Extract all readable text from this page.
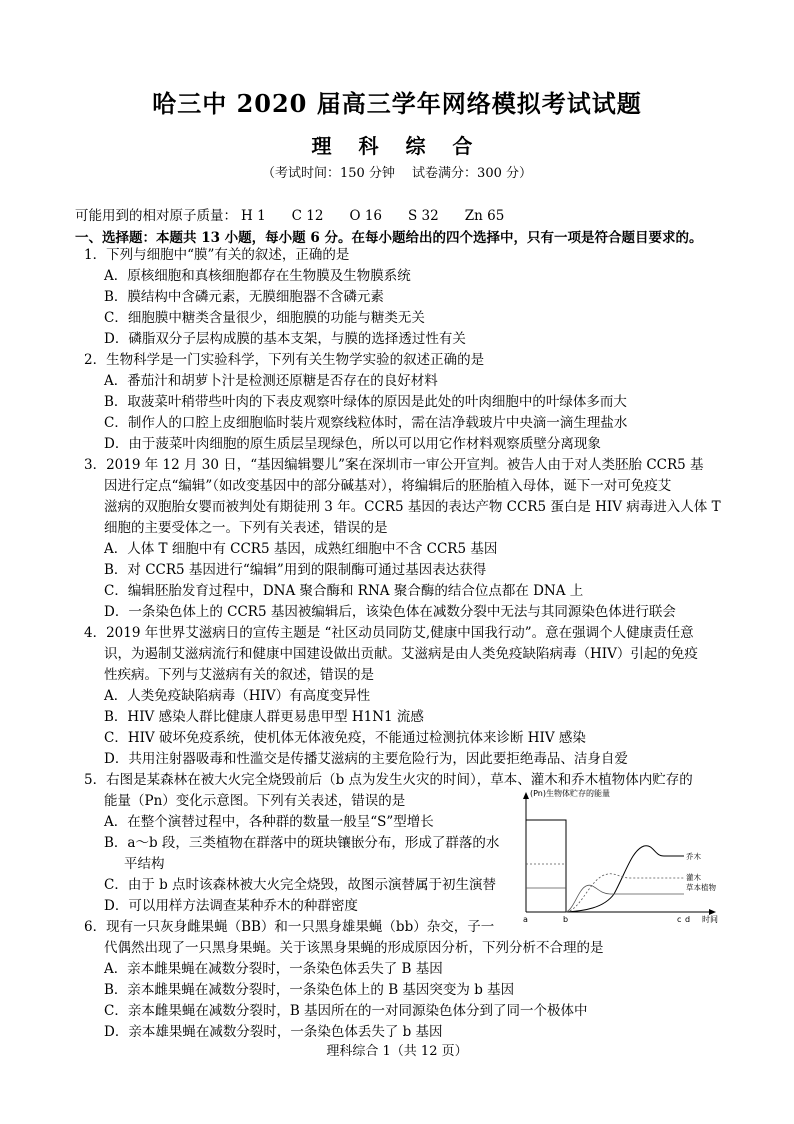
哈三中 2020 届高三学年网络模拟考试试题
理 科 综 合
（考试时间：150 分钟　 试卷满分：300 分）
可能用到的相对原子质量： H 1 C 12 O 16 S 32 Zn 65
一、选择题：本题共 13 小题，每小题 6 分。在每小题给出的四个选择中，只有一项是符合题目要求的。
1．下列与细胞中“膜”有关的叙述，正确的是
A．原核细胞和真核细胞都存在生物膜及生物膜系统
B．膜结构中含磷元素，无膜细胞器不含磷元素
C．细胞膜中糖类含量很少，细胞膜的功能与糖类无关
D．磷脂双分子层构成膜的基本支架，与膜的选择透过性有关
2．生物科学是一门实验科学，下列有关生物学实验的叙述正确的是
A．番茄汁和胡萝卜汁是检测还原糖是否存在的良好材料
B．取菠菜叶稍带些叶肉的下表皮观察叶绿体的原因是此处的叶肉细胞中的叶绿体多而大
C．制作人的口腔上皮细胞临时装片观察线粒体时，需在洁净载玻片中央滴一滴生理盐水
D．由于菠菜叶肉细胞的原生质层呈现绿色，所以可以用它作材料观察质壁分离现象
3．2019 年 12 月 30 日，“基因编辑婴儿”案在深圳市一审公开宣判。被告人由于对人类胚胎 CCR5 基
因进行定点“编辑”（如改变基因中的部分碱基对），将编辑后的胚胎植入母体，诞下一对可免疫艾
滋病的双胞胎女婴而被判处有期徒刑 3 年。CCR5 基因的表达产物 CCR5 蛋白是 HIV 病毒进入人体 T
细胞的主要受体之一。下列有关表述，错误的是
A．人体 T 细胞中有 CCR5 基因，成熟红细胞中不含 CCR5 基因
B．对 CCR5 基因进行“编辑”用到的限制酶可通过基因表达获得
C．编辑胚胎发育过程中，DNA 聚合酶和 RNA 聚合酶的结合位点都在 DNA 上
D．一条染色体上的 CCR5 基因被编辑后，该染色体在减数分裂中无法与其同源染色体进行联会
4．2019 年世界艾滋病日的宣传主题是 “社区动员同防艾,健康中国我行动”。意在强调个人健康责任意
识，为遏制艾滋病流行和健康中国建设做出贡献。艾滋病是由人类免疫缺陷病毒（HIV）引起的免疫
性疾病。下列与艾滋病有关的叙述，错误的是
A．人类免疫缺陷病毒（HIV）有高度变异性
B．HIV 感染人群比健康人群更易患甲型 H1N1 流感
C．HIV 破坏免疫系统，使机体无体液免疫，不能通过检测抗体来诊断 HIV 感染
D．共用注射器吸毒和性滥交是传播艾滋病的主要危险行为，因此要拒绝毒品、洁身自爱
5．右图是某森林在被大火完全烧毁前后（b 点为发生火灾的时间），草本、灌木和乔木植物体内贮存的
能量（Pn）变化示意图。下列有关表述，错误的是
A．在整个演替过程中，各种群的数量一般呈“S”型增长
B．a～b 段，三类植物在群落中的斑块镶嵌分布，形成了群落的水
平结构
C．由于 b 点时该森林被大火完全烧毁，故图示演替属于初生演替
D．可以用样方法调查某种乔木的种群密度
6．现有一只灰身雌果蝇（BB）和一只黑身雄果蝇（bb）杂交，子一
代偶然出现了一只黑身果蝇。关于该黑身果蝇的形成原因分析，下列分析不合理的是
A．亲本雌果蝇在减数分裂时，一条染色体丢失了 B 基因
B．亲本雌果蝇在减数分裂时，一条染色体上的 B 基因突变为 b 基因
C．亲本雌果蝇在减数分裂时，B 基因所在的一对同源染色体分到了同一个极体中
D．亲本雄果蝇在减数分裂时，一条染色体丢失了 b 基因
(Pn)生物体贮存的能量
时间
乔木
灌木
草本植物
a	b	c d
理科综合 1（共 12 页）
